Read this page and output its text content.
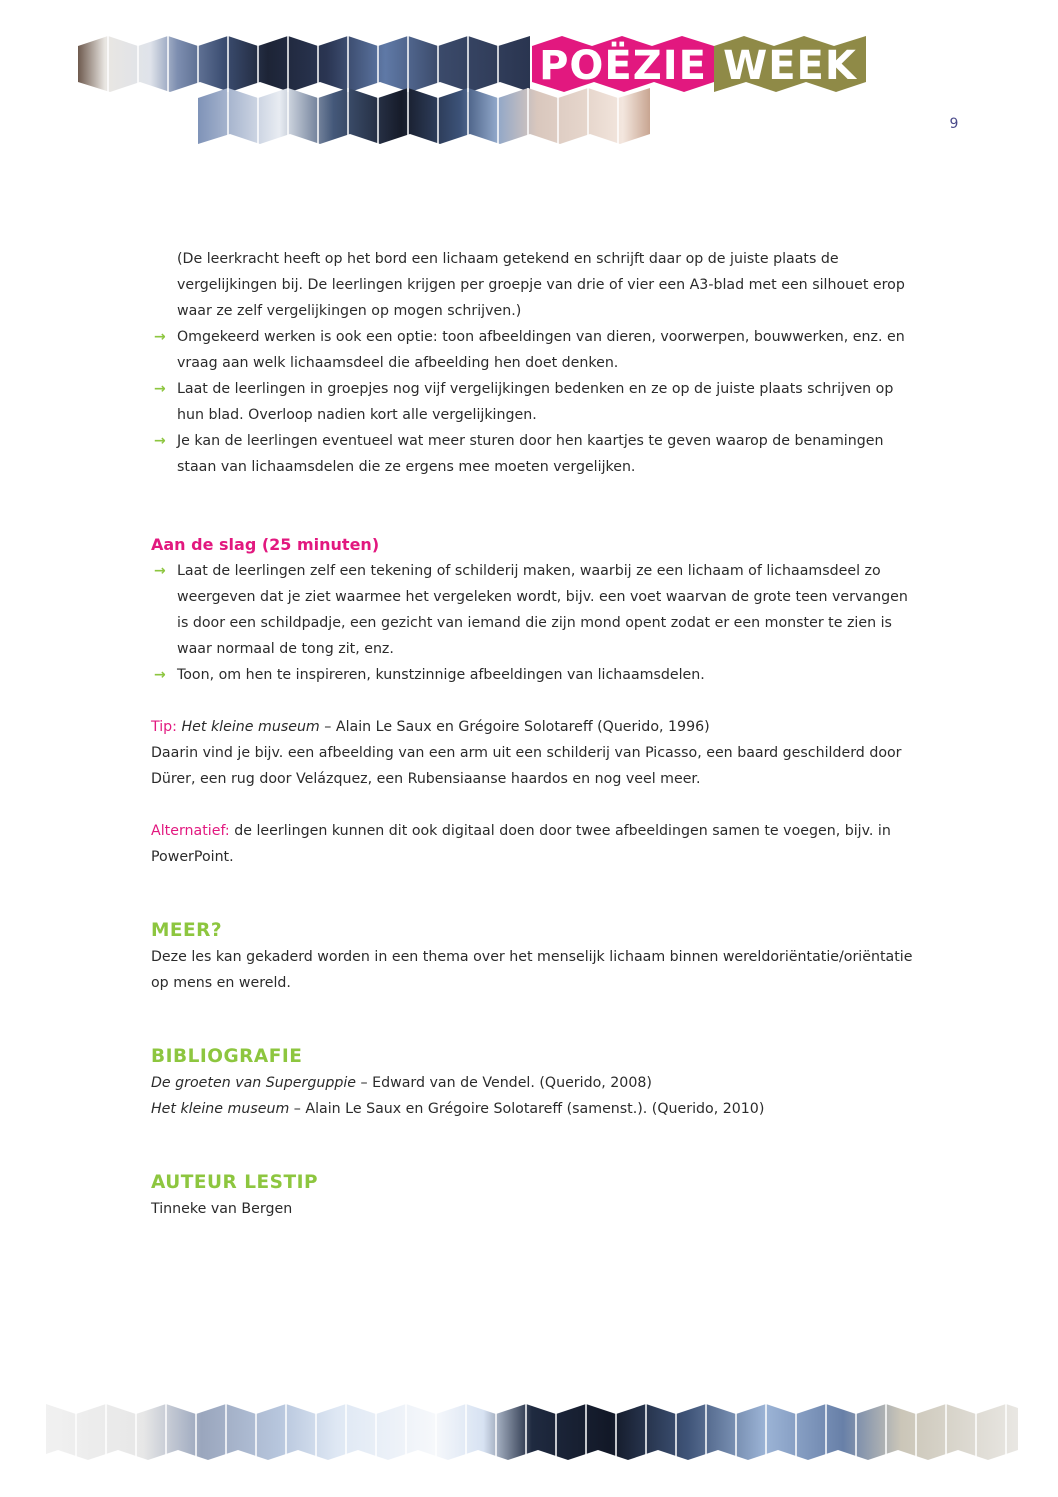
POËZIE WEEK
9
(De leerkracht heeft op het bord een lichaam getekend en schrijft daar op de juiste plaats de vergelijkingen bij. De leerlingen krijgen per groepje van drie of vier een A3-blad met een silhouet erop waar ze zelf vergelijkingen op mogen schrijven.)
→ Omgekeerd werken is ook een optie: toon afbeeldingen van dieren, voorwerpen, bouwwerken, enz. en vraag aan welk lichaamsdeel die afbeelding hen doet denken.
→ Laat de leerlingen in groepjes nog vijf vergelijkingen bedenken en ze op de juiste plaats schrijven op hun blad. Overloop nadien kort alle vergelijkingen.
→ Je kan de leerlingen eventueel wat meer sturen door hen kaartjes te geven waarop de benamingen staan van lichaamsdelen die ze ergens mee moeten vergelijken.
Aan de slag (25 minuten)
→ Laat de leerlingen zelf een tekening of schilderij maken, waarbij ze een lichaam of lichaamsdeel zo weergeven dat je ziet waarmee het vergeleken wordt, bijv. een voet waarvan de grote teen vervangen is door een schildpadje, een gezicht van iemand die zijn mond opent zodat er een monster te zien is waar normaal de tong zit, enz.
→ Toon, om hen te inspireren, kunstzinnige afbeeldingen van lichaamsdelen.
Tip: Het kleine museum – Alain Le Saux en Grégoire Solotareff (Querido, 1996)
Daarin vind je bijv. een afbeelding van een arm uit een schilderij van Picasso, een baard geschilderd door Dürer, een rug door Velázquez, een Rubensiaanse haardos en nog veel meer.
Alternatief: de leerlingen kunnen dit ook digitaal doen door twee afbeeldingen samen te voegen, bijv. in PowerPoint.
MEER?
Deze les kan gekaderd worden in een thema over het menselijk lichaam binnen wereldoriëntatie/oriëntatie op mens en wereld.
BIBLIOGRAFIE
De groeten van Superguppie – Edward van de Vendel. (Querido, 2008)
Het kleine museum – Alain Le Saux en Grégoire Solotareff (samenst.). (Querido, 2010)
AUTEUR LESTIP
Tinneke van Bergen
